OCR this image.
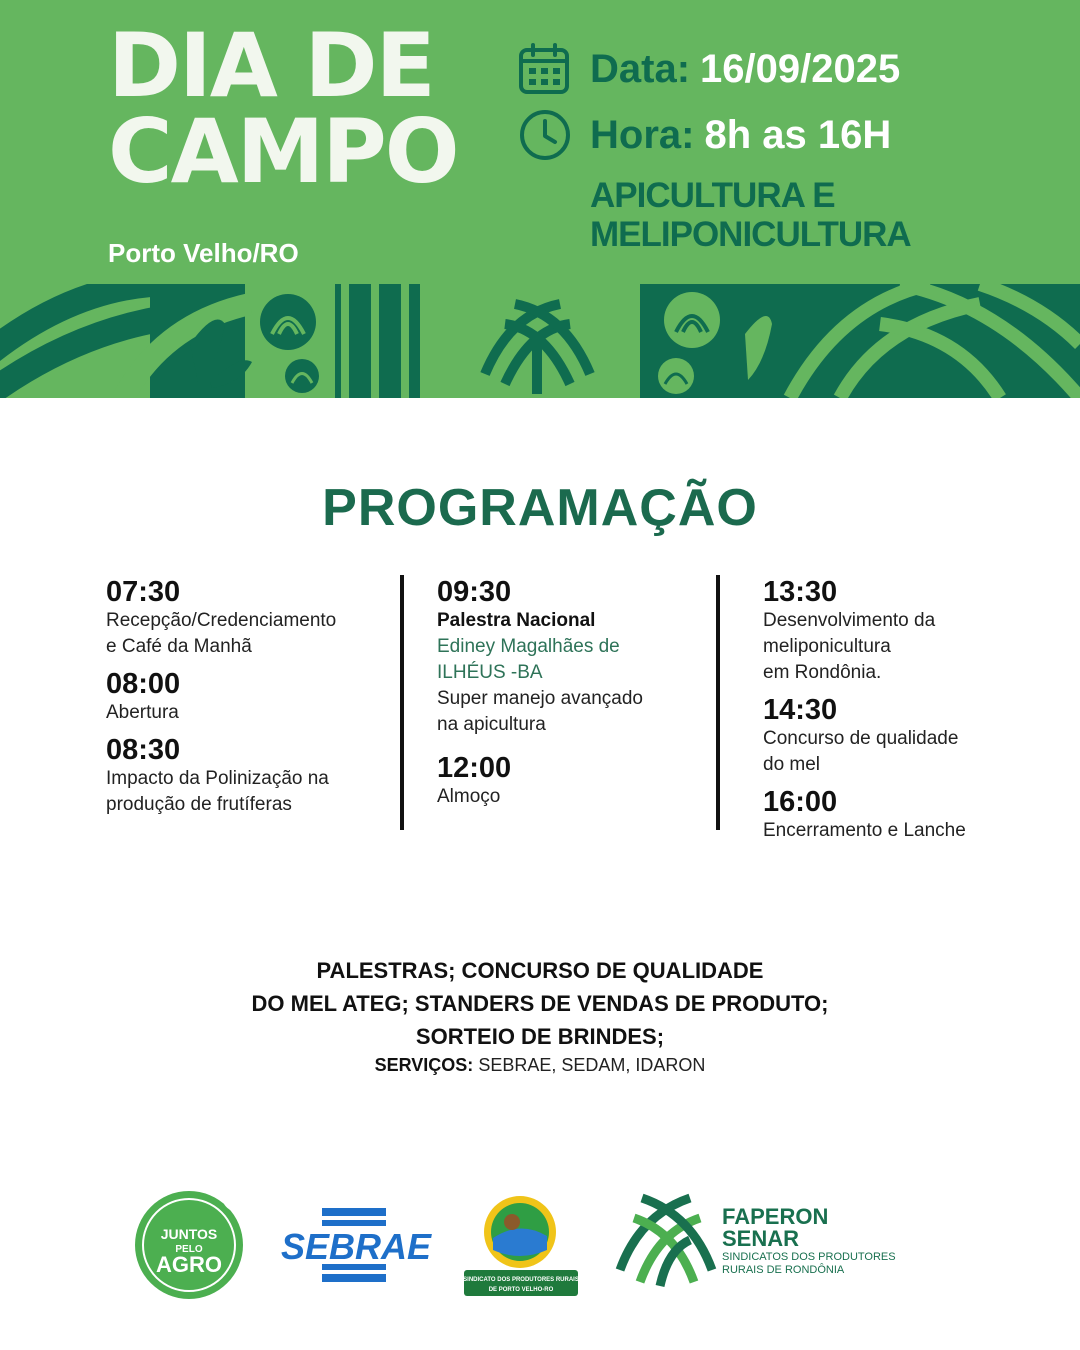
DIA DE
CAMPO
Porto Velho/RO
Data: 16/09/2025
Hora: 8h as 16H
APICULTURA E
MELIPONICULTURA
PROGRAMAÇÃO
07:30
Recepção/Credenciamento
e Café da Manhã
08:00
Abertura
08:30
Impacto da Polinização na
produção de frutíferas
09:30
Palestra Nacional
Ediney Magalhães de
ILHÉUS -BA
Super manejo avançado
na apicultura
12:00
Almoço
13:30
Desenvolvimento da
meliponicultura
em Rondônia.
14:30
Concurso de qualidade
do mel
16:00
Encerramento e Lanche
PALESTRAS; CONCURSO DE QUALIDADE
DO MEL ATEG; STANDERS DE VENDAS DE PRODUTO;
SORTEIO DE BRINDES;
SERVIÇOS: SEBRAE, SEDAM, IDARON
JUNTOS
PELO
AGRO SEBRAE
SINDICATO DOS PRODUTORES RURAIS
DE PORTO VELHO-RO
FAPERON
SENAR
SINDICATOS DOS PRODUTORES
RURAIS DE RONDÔNIA
